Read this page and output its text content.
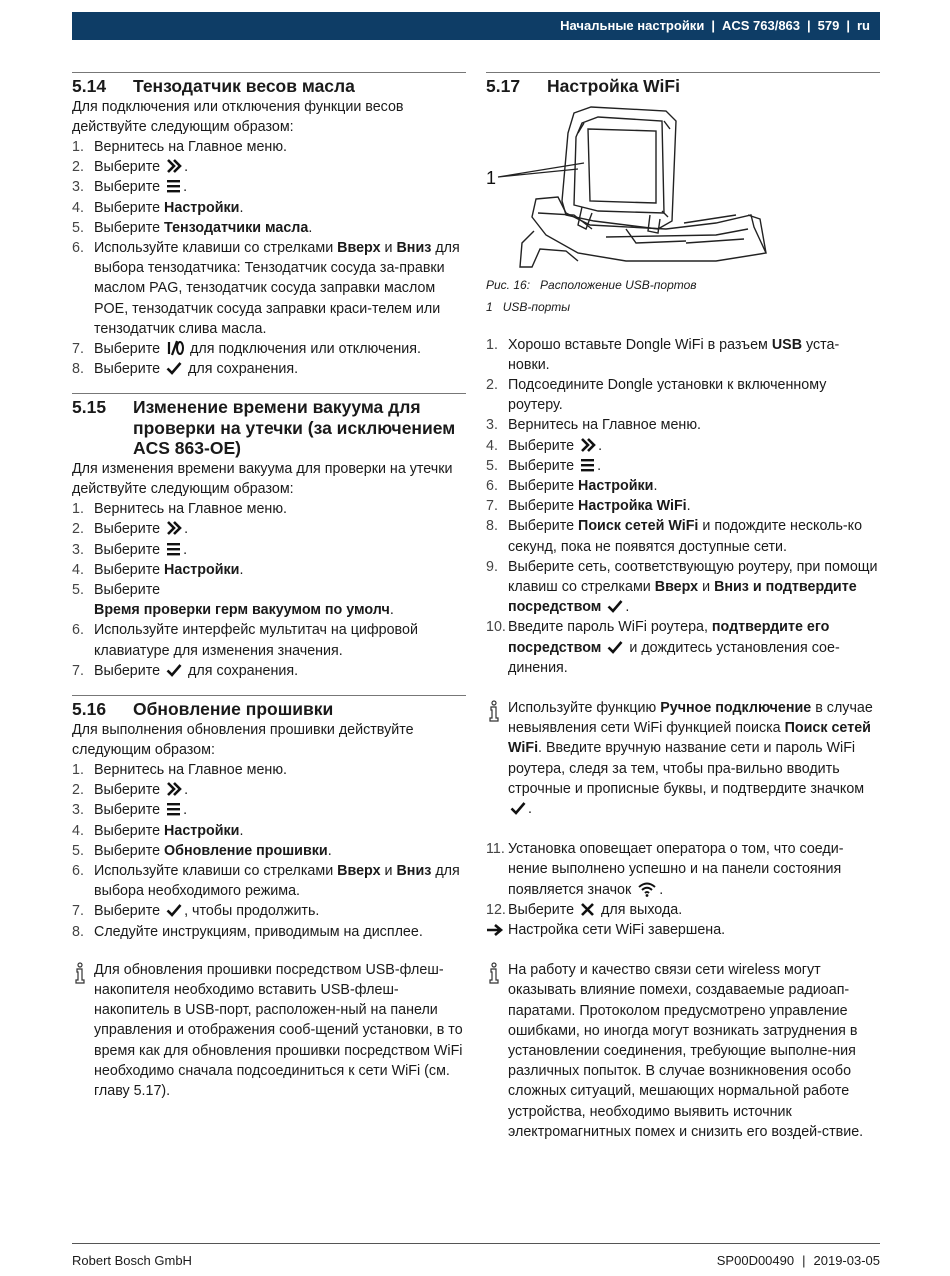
Начальные настройки | ACS 763/863 | 579 | ru
5.14	Тензодатчик весов масла

Для подключения или отключения функции весов действуйте следующим образом:

1. Вернитесь на Главное меню.
2. Выберите .
3. Выберите .
4. Выберите Настройки.
5. Выберите Тензодатчики масла.
6. Используйте клавиши со стрелками Вверх и Вниз для выбора тензодатчика: Тензодатчик сосуда за-правки маслом PAG, тензодатчик сосуда заправки маслом POE, тензодатчик сосуда заправки краси-телем или тензодатчик слива масла.
7. Выберите для подключения или отключения.
8. Выберите для сохранения.
5.15	Изменение времени вакуума для проверки на утечки (за исключением ACS 863-OE)

Для изменения времени вакуума для проверки на утечки действуйте следующим образом:

1. Вернитесь на Главное меню.
2. Выберите .
3. Выберите .
4. Выберите Настройки.
5. Выберите
Время проверки герм вакуумом по умолч.
6. Используйте интерфейс мультитач на цифровой клавиатуре для изменения значения.
7. Выберите для сохранения.
5.16	Обновление прошивки

Для выполнения обновления прошивки действуйте следующим образом:

1. Вернитесь на Главное меню.
2. Выберите .
3. Выберите .
4. Выберите Настройки.
5. Выберите Обновление прошивки.
6. Используйте клавиши со стрелками Вверх и Вниз для выбора необходимого режима.
7. Выберите , чтобы продолжить.
8. Следуйте инструкциям, приводимым на дисплее.
Для обновления прошивки посредством USB-флеш-накопителя необходимо вставить USB-флеш-накопитель в USB-порт, расположен-ный на панели управления и отображения сооб-щений установки, в то время как для обновления прошивки посредством WiFi необходимо сначала подсоединиться к сети WiFi (см. главу 5.17).
5.17	Настройка WiFi
1
Рис. 16: Расположение USB-портов
1 USB-порты
1. Хорошо вставьте Dongle WiFi в разъем USB уста-новки.
2. Подсоедините Dongle установки к включенному роутеру.
3. Вернитесь на Главное меню.
4. Выберите .
5. Выберите .
6. Выберите Настройки.
7. Выберите Настройка WiFi.
8. Выберите Поиск сетей WiFi и подождите несколь-ко секунд, пока не появятся доступные сети.
9. Выберите сеть, соответствующую роутеру, при помощи клавиш со стрелками Вверх и Вниз и подтвердите посредством .
10. Введите пароль WiFi роутера, подтвердите его посредством и дождитесь установления сое-динения.
Используйте функцию Ручное подключение в случае невыявления сети WiFi функцией поиска Поиск сетей WiFi. Введите вручную название сети и пароль WiFi роутера, следя за тем, чтобы пра-вильно вводить строчные и прописные буквы, и подтвердите значком .
11. Установка оповещает оператора о том, что соеди-нение выполнено успешно и на панели состояния появляется значок .
12. Выберите для выхода.
Настройка сети WiFi завершена.
На работу и качество связи сети wireless могут оказывать влияние помехи, создаваемые радиоап-паратами. Протоколом предусмотрено управление ошибками, но иногда могут возникать затруднения в установлении соединения, требующие выполне-ния различных попыток. В случае возникновения особо сложных ситуаций, мешающих нормальной работе устройства, необходимо выявить источник электромагнитных помех и снизить его воздей-ствие.
Robert Bosch GmbH	SP00D00490 | 2019-03-05
